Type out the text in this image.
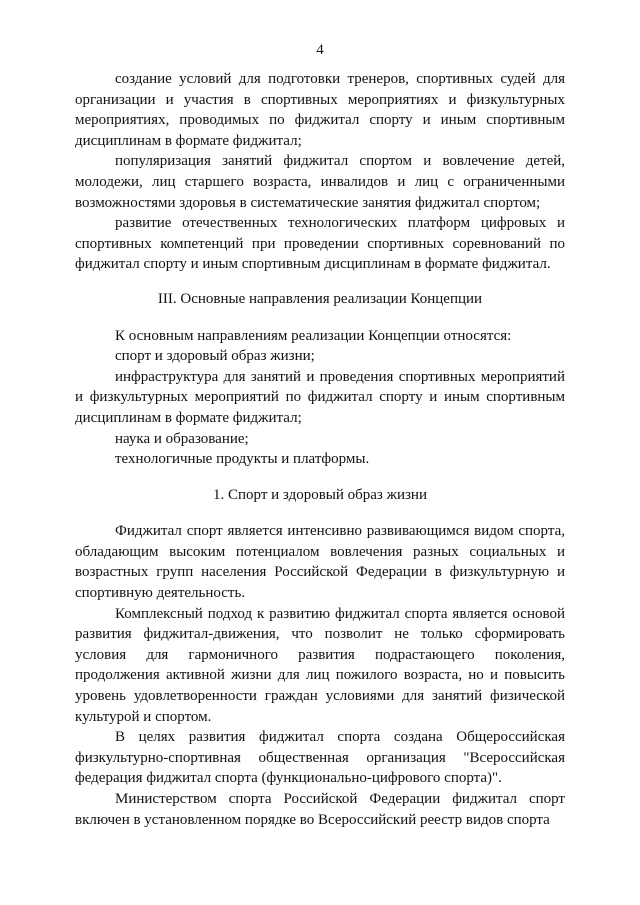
4

создание условий для подготовки тренеров, спортивных судей для организации и участия в спортивных мероприятиях и физкультурных мероприятиях, проводимых по фиджитал спорту и иным спортивным дисциплинам в формате фиджитал;

популяризация занятий фиджитал спортом и вовлечение детей, молодежи, лиц старшего возраста, инвалидов и лиц с ограниченными возможностями здоровья в систематические занятия фиджитал спортом;

развитие отечественных технологических платформ цифровых и спортивных компетенций при проведении спортивных соревнований по фиджитал спорту и иным спортивным дисциплинам в формате фиджитал.

III. Основные направления реализации Концепции

К основным направлениям реализации Концепции относятся:

спорт и здоровый образ жизни;

инфраструктура для занятий и проведения спортивных мероприятий и физкультурных мероприятий по фиджитал спорту и иным спортивным дисциплинам в формате фиджитал;

наука и образование;

технологичные продукты и платформы.

1. Спорт и здоровый образ жизни

Фиджитал спорт является интенсивно развивающимся видом спорта, обладающим высоким потенциалом вовлечения разных социальных и возрастных групп населения Российской Федерации в физкультурную и спортивную деятельность.

Комплексный подход к развитию фиджитал спорта является основой развития фиджитал-движения, что позволит не только сформировать условия для гармоничного развития подрастающего поколения, продолжения активной жизни для лиц пожилого возраста, но и повысить уровень удовлетворенности граждан условиями для занятий физической культурой и спортом.

В целях развития фиджитал спорта создана Общероссийская физкультурно-спортивная общественная организация "Всероссийская федерация фиджитал спорта (функционально-цифрового спорта)".

Министерством спорта Российской Федерации фиджитал спорт включен в установленном порядке во Всероссийский реестр видов спорта
